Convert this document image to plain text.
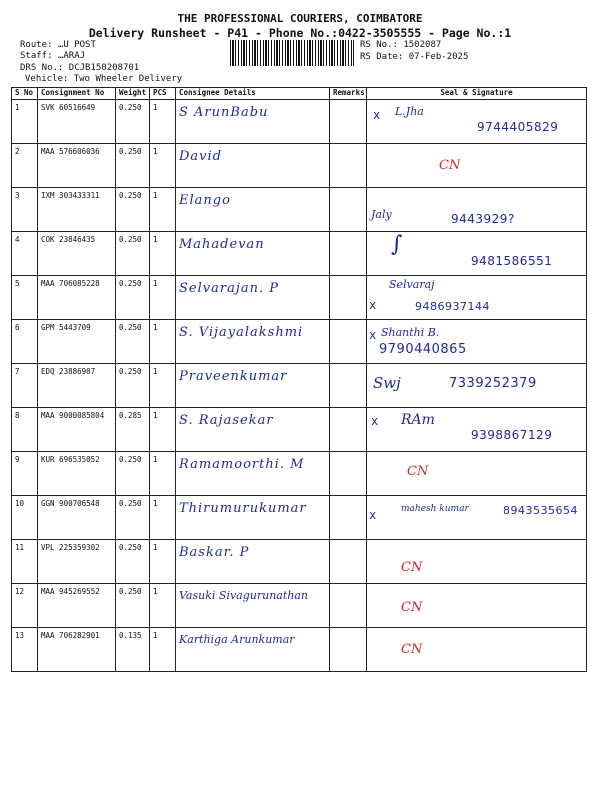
THE PROFESSIONAL COURIERS, COIMBATORE
Delivery Runsheet - P41 - Phone No.:0422-3505555 - Page No.:1
Route: …U POST
Staff: …ARAJ
DRS No.: DCJB150208701
Vehicle: Two Wheeler Delivery
RS No.: 1502087
RS Date: 07-Feb-2025
S No	Consignment No	Weight	PCS	Consignee Details	Remarks	Seal & Signature
1	SVK 60516649	0.250	1	S ArunBabu		x L.Jha
9744405829

2	MAA 576606036	0.250	1	David		CN

3	IXM 303433311	0.250	1	Elango		Jaly 9443929?

4	COK 23846435	0.250	1	Mahadevan		∫
9481586551

5	MAA 706085228	0.250	1	Selvarajan. P		x
Selvaraj
9486937144

6	GPM 5443709	0.250	1	S. Vijayalakshmi		x Shanthi B.
9790440865

7	EDQ 23886907	0.250	1	Praveenkumar		Swj 7339252379

8	MAA 9000085804	0.285	1	S. Rajasekar		x RAm
9398867129

9	KUR 696535052	0.250	1	Ramamoorthi. M		CN

10	GGN 900706548	0.250	1	Thirumurukumar		x mahesh kumar 8943535654

11	VPL 225359302	0.250	1	Baskar. P		CN

12	MAA 945269552	0.250	1	Vasuki Sivagurunathan		CN

13	MAA 706282901	0.135	1	Karthiga Arunkumar		CN
